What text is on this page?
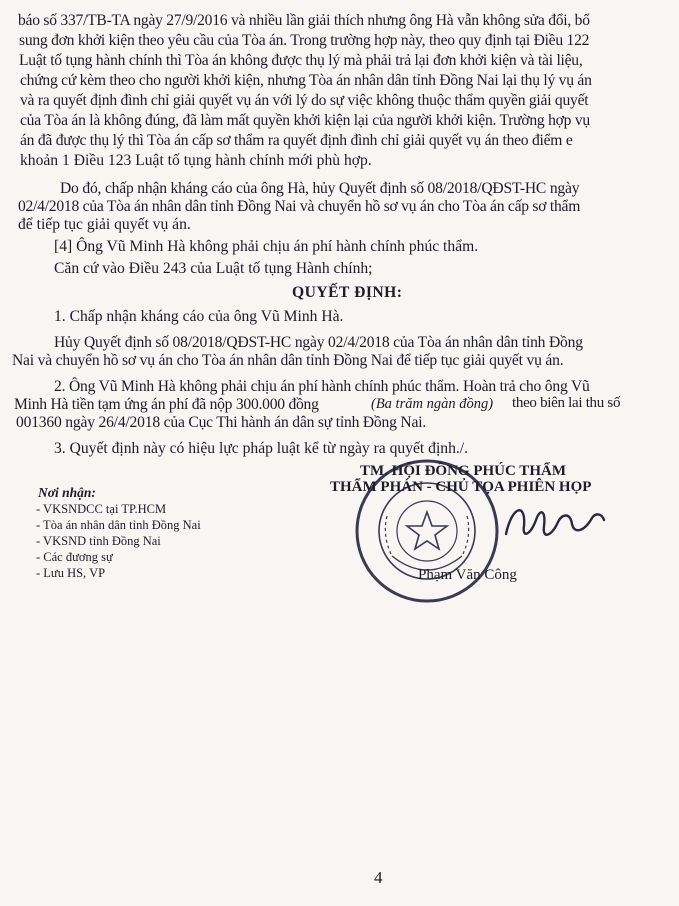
báo số 337/TB-TA ngày 27/9/2016 và nhiều lần giải thích nhưng ông Hà vẫn không sửa đổi, bổ
sung đơn khởi kiện theo yêu cầu của Tòa án. Trong trường hợp này, theo quy định tại Điều 122
Luật tố tụng hành chính thì Tòa án không được thụ lý mà phải trả lại đơn khởi kiện và tài liệu,
chứng cứ kèm theo cho người khởi kiện, nhưng Tòa án nhân dân tỉnh Đồng Nai lại thụ lý vụ án
và ra quyết định đình chỉ giải quyết vụ án với lý do sự việc không thuộc thẩm quyền giải quyết
của Tòa án là không đúng, đã làm mất quyền khởi kiện lại của người khởi kiện. Trường hợp vụ
án đã được thụ lý thì Tòa án cấp sơ thẩm ra quyết định đình chỉ giải quyết vụ án theo điểm e
khoản 1 Điều 123 Luật tố tụng hành chính mới phù hợp.
Do đó, chấp nhận kháng cáo của ông Hà, hủy Quyết định số 08/2018/QĐST-HC ngày
02/4/2018 của Tòa án nhân dân tỉnh Đồng Nai và chuyển hồ sơ vụ án cho Tòa án cấp sơ thẩm
để tiếp tục giải quyết vụ án.
[4] Ông Vũ Minh Hà không phải chịu án phí hành chính phúc thẩm.
Căn cứ vào Điều 243 của Luật tố tụng Hành chính;
QUYẾT ĐỊNH:
1. Chấp nhận kháng cáo của ông Vũ Minh Hà.
Hủy Quyết định số 08/2018/QĐST-HC ngày 02/4/2018 của Tòa án nhân dân tỉnh Đồng
Nai và chuyển hồ sơ vụ án cho Tòa án nhân dân tỉnh Đồng Nai để tiếp tục giải quyết vụ án.
2. Ông Vũ Minh Hà không phải chịu án phí hành chính phúc thẩm. Hoàn trả cho ông Vũ
Minh Hà tiền tạm ứng án phí đã nộp 300.000 đồng	(Ba trăm ngàn đồng) theo biên lai thu số
001360 ngày 26/4/2018 của Cục Thi hành án dân sự tỉnh Đồng Nai.
3. Quyết định này có hiệu lực pháp luật kể từ ngày ra quyết định./.
TM. HỘI ĐỒNG PHÚC THẨM
THẨM PHÁN - CHỦ TỌA PHIÊN HỌP
Phạm Văn Công
Nơi nhận:
- VKSNDCC tại TP.HCM
- Tòa án nhân dân tỉnh Đồng Nai
- VKSND tỉnh Đồng Nai
- Các đương sự
- Lưu HS, VP
4
